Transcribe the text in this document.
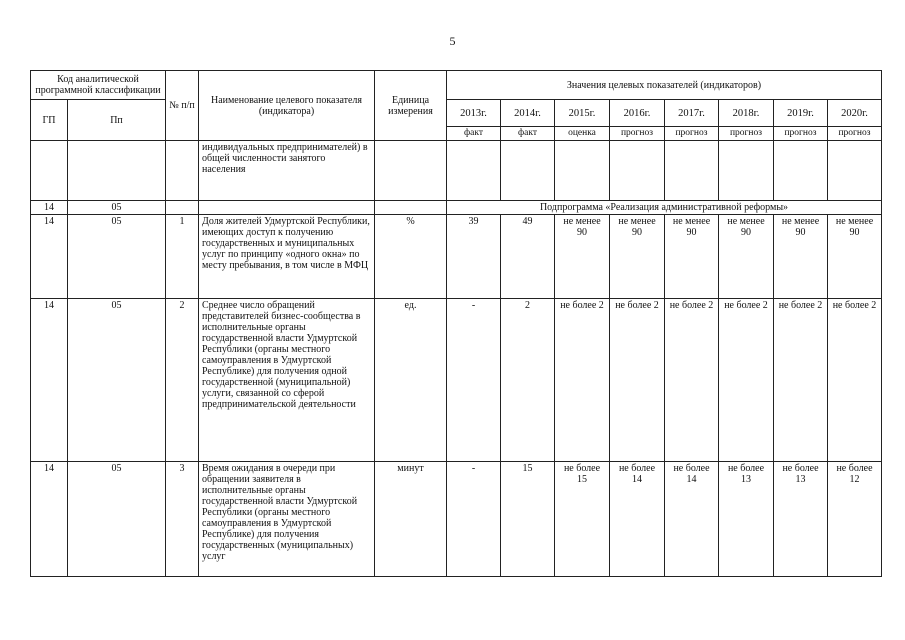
5
Код аналитической программной классификации		№ п/п	Наименование целевого показателя (индикатора)	Единица измерения	Значения целевых показателей (индикаторов)							
ГП	Пп				2013г.	2014г.	2015г.	2016г.	2017г.	2018г.	2019г.	2020г.
					факт	факт	оценка	прогноз	прогноз	прогноз	прогноз	прогноз
			индивидуальных предпринимателей) в общей численности занятого населения									
14	05				Подпрограмма «Реализация административной реформы»							
14	05	1	Доля жителей Удмуртской Республики, имеющих доступ к получению государственных и муниципальных услуг по принципу «одного окна» по месту пребывания, в том числе в МФЦ	%	39	49	не менее 90	не менее 90	не менее 90	не менее 90	не менее 90	не менее 90
14	05	2	Среднее число обращений представителей бизнес-сообщества в исполнительные органы государственной власти Удмуртской Республики (органы местного самоуправления в Удмуртской Республике) для получения одной государственной (муниципальной) услуги, связанной со сферой предпринимательской деятельности	ед.	-	2	не более 2	не более 2	не более 2	не более 2	не более 2	не более 2
14	05	3	Время ожидания в очереди при обращении заявителя в исполнительные органы государственной власти Удмуртской Республики (органы местного самоуправления в Удмуртской Республике) для получения государственных (муниципальных) услуг	минут	-	15	не более 15	не более 14	не более 14	не более 13	не более 13	не более 12
